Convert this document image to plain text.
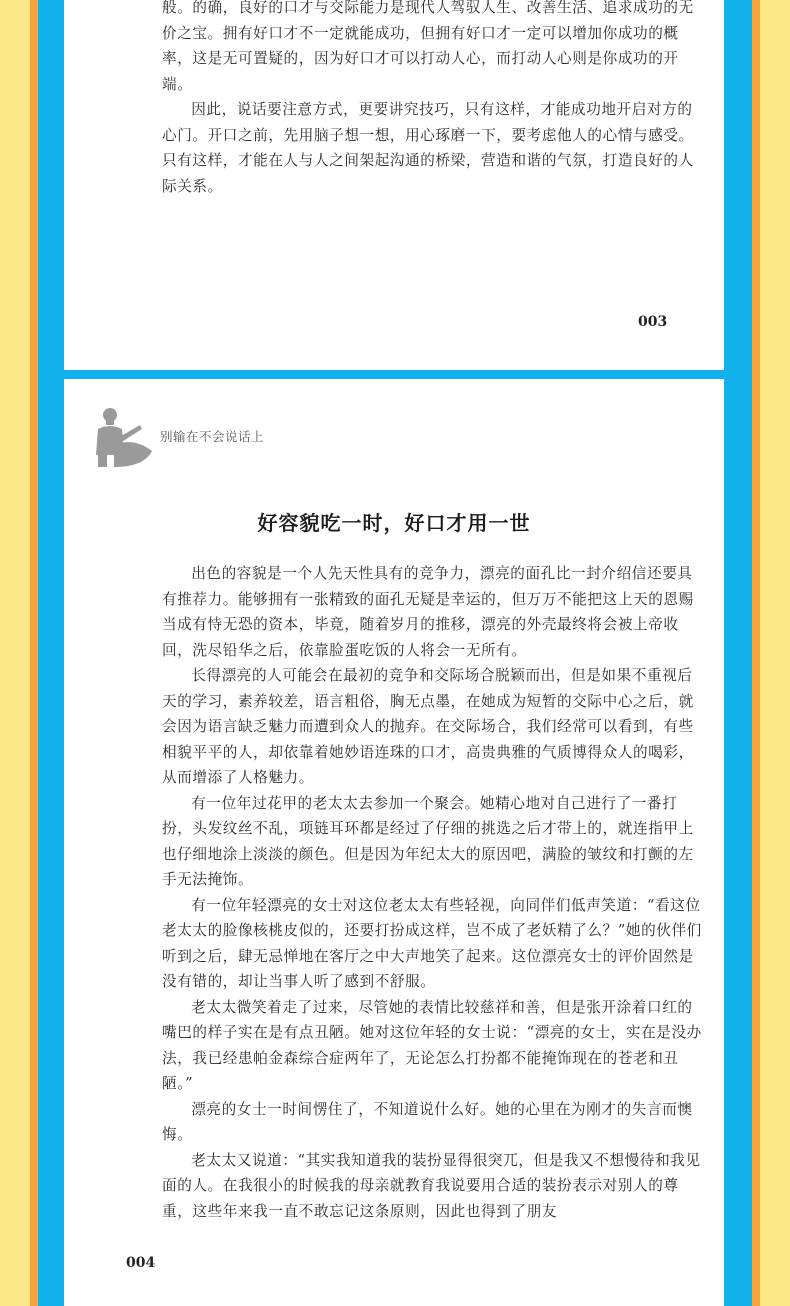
般。的确，良好的口才与交际能力是现代人驾驭人生、改善生活、追求成功的无价之宝。拥有好口才不一定就能成功，但拥有好口才一定可以增加你成功的概率，这是无可置疑的，因为好口才可以打动人心，而打动人心则是你成功的开端。

因此，说话要注意方式，更要讲究技巧，只有这样，才能成功地开启对方的心门。开口之前，先用脑子想一想，用心琢磨一下，要考虑他人的心情与感受。只有这样，才能在人与人之间架起沟通的桥梁，营造和谐的气氛，打造良好的人际关系。

003
别输在不会说话上
好容貌吃一时，好口才用一世

出色的容貌是一个人先天性具有的竞争力，漂亮的面孔比一封介绍信还要具有推荐力。能够拥有一张精致的面孔无疑是幸运的，但万万不能把这上天的恩赐当成有恃无恐的资本，毕竟，随着岁月的推移，漂亮的外壳最终将会被上帝收回，洗尽铅华之后，依靠脸蛋吃饭的人将会一无所有。

长得漂亮的人可能会在最初的竞争和交际场合脱颖而出，但是如果不重视后天的学习，素养较差，语言粗俗，胸无点墨，在她成为短暂的交际中心之后，就会因为语言缺乏魅力而遭到众人的抛弃。在交际场合，我们经常可以看到，有些相貌平平的人，却依靠着她妙语连珠的口才，高贵典雅的气质博得众人的喝彩，从而增添了人格魅力。

有一位年过花甲的老太太去参加一个聚会。她精心地对自己进行了一番打扮，头发纹丝不乱，项链耳环都是经过了仔细的挑选之后才带上的，就连指甲上也仔细地涂上淡淡的颜色。但是因为年纪太大的原因吧，满脸的皱纹和打颤的左手无法掩饰。

有一位年轻漂亮的女士对这位老太太有些轻视，向同伴们低声笑道：“看这位老太太的脸像核桃皮似的，还要打扮成这样，岂不成了老妖精了么？”她的伙伴们听到之后，肆无忌惮地在客厅之中大声地笑了起来。这位漂亮女士的评价固然是没有错的，却让当事人听了感到不舒服。

老太太微笑着走了过来，尽管她的表情比较慈祥和善，但是张开涂着口红的嘴巴的样子实在是有点丑陋。她对这位年轻的女士说：“漂亮的女士，实在是没办法，我已经患帕金森综合症两年了，无论怎么打扮都不能掩饰现在的苍老和丑陋。”

漂亮的女士一时间愣住了，不知道说什么好。她的心里在为刚才的失言而懊悔。

老太太又说道：“其实我知道我的装扮显得很突兀，但是我又不想慢待和我见面的人。在我很小的时候我的母亲就教育我说要用合适的装扮表示对别人的尊重，这些年来我一直不敢忘记这条原则，因此也得到了朋友

004
